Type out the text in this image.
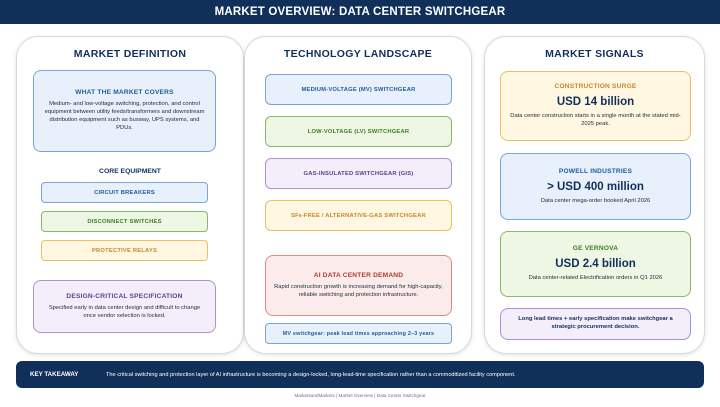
MARKET OVERVIEW: DATA CENTER SWITCHGEAR
MARKET DEFINITION
WHAT THE MARKET COVERS
Medium- and low-voltage switching, protection, and control equipment between utility feeds/transformers and downstream distribution equipment such as busway, UPS systems, and PDUs.
CORE EQUIPMENT
CIRCUIT BREAKERS
DISCONNECT SWITCHES
PROTECTIVE RELAYS
DESIGN-CRITICAL SPECIFICATION
Specified early in data center design and difficult to change once vendor selection is locked.
TECHNOLOGY LANDSCAPE
MEDIUM-VOLTAGE (MV) SWITCHGEAR
LOW-VOLTAGE (LV) SWITCHGEAR
GAS-INSULATED SWITCHGEAR (GIS)
SF 6 -FREE / ALTERNATIVE-GAS SWITCHGEAR
AI DATA CENTER DEMAND
Rapid construction growth is increasing demand for high-capacity, reliable switching and protection infrastructure.
MV switchgear: peak lead times approaching 2–3 years
MARKET SIGNALS
CONSTRUCTION SURGE
USD 14 billion
Data center construction starts in a single month at the stated mid-2025 peak.
POWELL INDUSTRIES
> USD 400 million
Data center mega-order booked April 2026
GE VERNOVA
USD 2.4 billion
Data center-related Electrification orders in Q1 2026
Long lead times + early specification make switchgear a strategic procurement decision.
KEY TAKEAWAY	The critical switching and protection layer of AI infrastructure is becoming a design-locked, long-lead-time specification rather than a commoditized facility component.
MarketsandMarkets | Market Overview | Data Center Switchgear
